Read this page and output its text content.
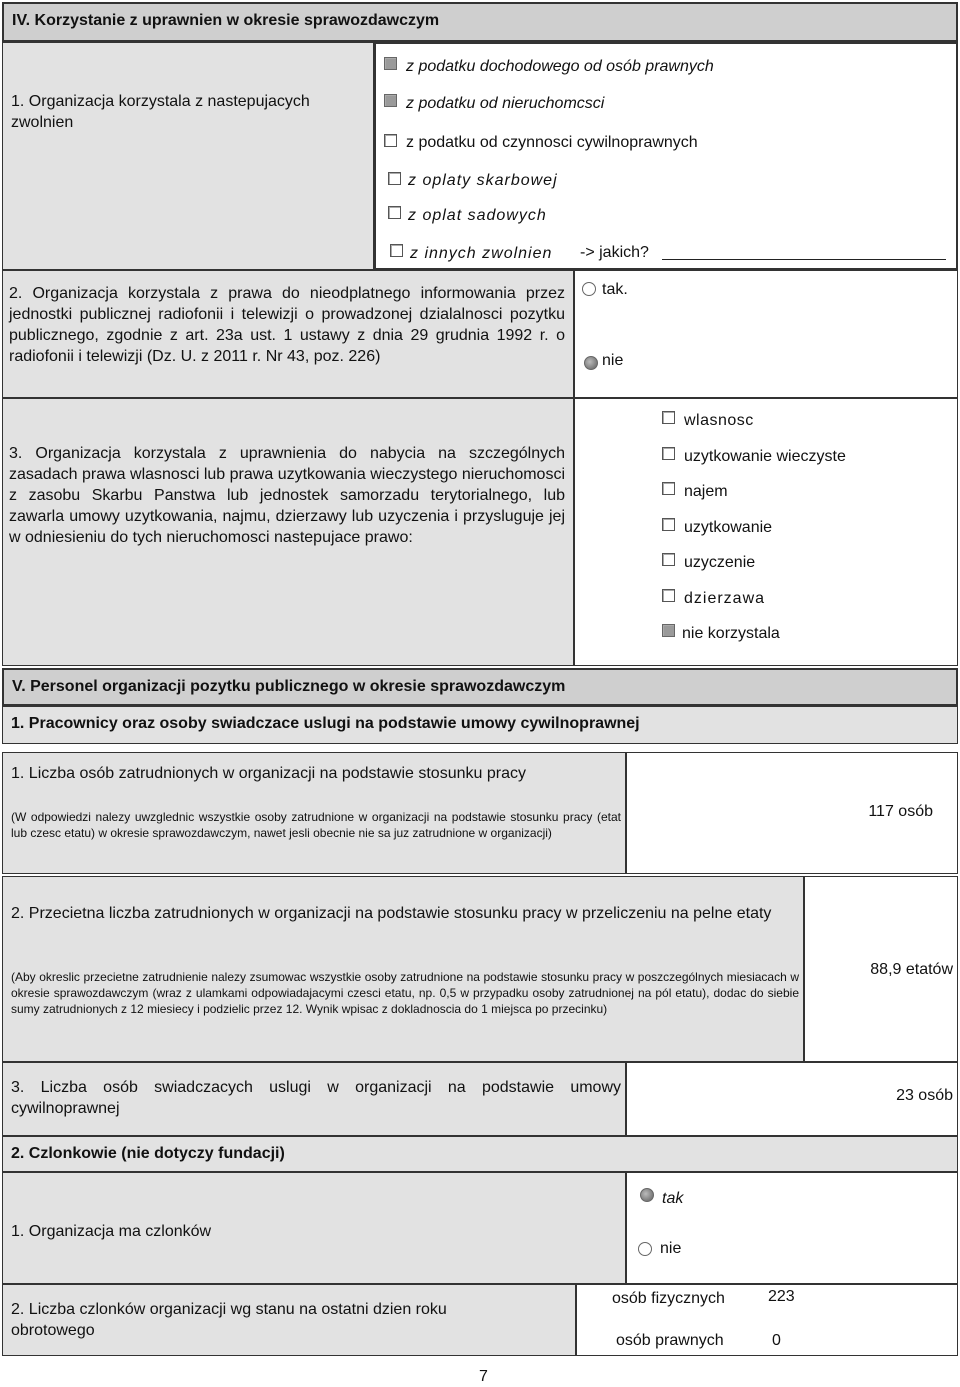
IV. Korzystanie z uprawnien w okresie sprawozdawczym
1. Organizacja korzystala z nastepujacych zwolnien
z podatku dochodowego od osób prawnych
z podatku od nieruchomcsci
z podatku od czynnosci cywilnoprawnych
z oplaty skarbowej
z oplat sadowych
z innych zwolnien -> jakich?
2. Organizacja korzystala z prawa do nieodplatnego informowania przez jednostki publicznej radiofonii i telewizji o prowadzonej dzialalnosci pozytku publicznego, zgodnie z art. 23a ust. 1 ustawy z dnia 29 grudnia 1992 r. o radiofonii i telewizji (Dz. U. z 2011 r. Nr 43, poz. 226)
tak.
nie
3. Organizacja korzystala z uprawnienia do nabycia na szczególnych zasadach prawa wlasnosci lub prawa uzytkowania wieczystego nieruchomosci z zasobu Skarbu Panstwa lub jednostek samorzadu terytorialnego, lub zawarla umowy uzytkowania, najmu, dzierzawy lub uzyczenia i przysluguje jej w odniesieniu do tych nieruchomosci nastepujace prawo:
wlasnosc
uzytkowanie wieczyste
najem
uzytkowanie
uzyczenie
dzierzawa
nie korzystala
V. Personel organizacji pozytku publicznego w okresie sprawozdawczym
1. Pracownicy oraz osoby swiadczace uslugi na podstawie umowy cywilnoprawnej
1. Liczba osób zatrudnionych w organizacji na podstawie stosunku pracy
(W odpowiedzi nalezy uwzglednic wszystkie osoby zatrudnione w organizacji na podstawie stosunku pracy (etat lub czesc etatu) w okresie sprawozdawczym, nawet jesli obecnie nie sa juz zatrudnione w organizacji)
117 osób
2. Przecietna liczba zatrudnionych w organizacji na podstawie stosunku pracy w przeliczeniu na pelne etaty
(Aby okreslic przecietne zatrudnienie nalezy zsumowac wszystkie osoby zatrudnione na podstawie stosunku pracy w poszczególnych miesiacach w okresie sprawozdawczym (wraz z ulamkami odpowiadajacymi czesci etatu, np. 0,5 w przypadku osoby zatrudnionej na pól etatu), dodac do siebie sumy zatrudnionych z 12 miesiecy i podzielic przez 12. Wynik wpisac z dokladnoscia do 1 miejsca po przecinku)
88,9 etatów
3. Liczba osób swiadczacych uslugi w organizacji na podstawie umowy cywilnoprawnej
23 osób
2. Czlonkowie (nie dotyczy fundacji)
1. Organizacja ma czlonków
tak
nie
2. Liczba czlonków organizacji wg stanu na ostatni dzien roku obrotowego
osób fizycznych	223
osób prawnych	0
7
